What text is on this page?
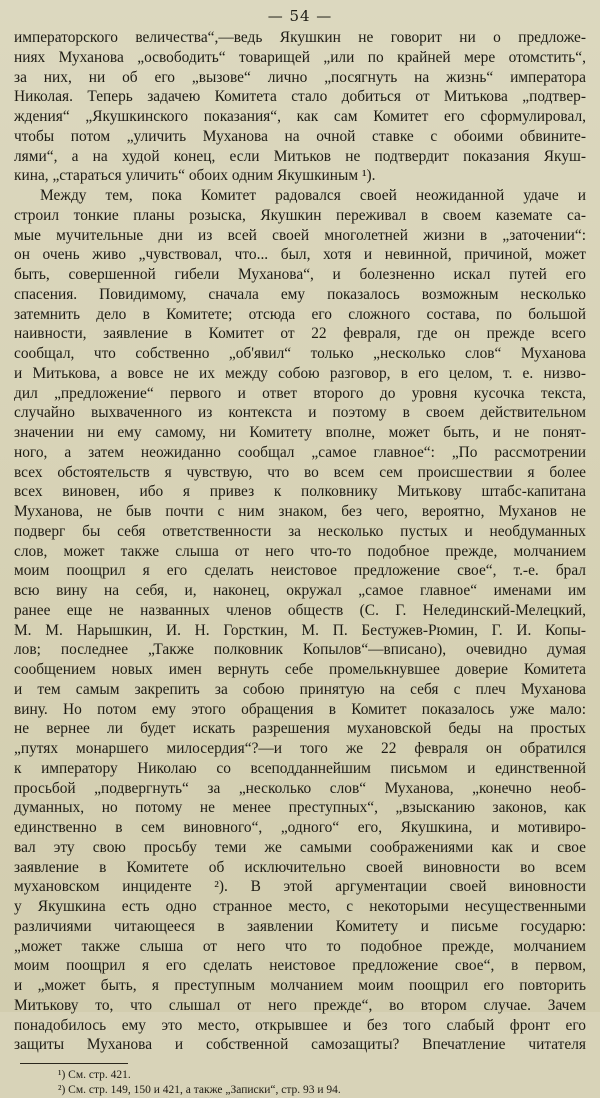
— 54 —

императорского величества“,—ведь Якушкин не говорит ни о предложе-

ниях Муханова „освободить“ товарищей „или по крайней мере отомстить“,

за них, ни об его „вызове“ лично „посягнуть на жизнь“ императора

Николая. Теперь задачею Комитета стало добиться от Митькова „подтвер-

ждения“ „Якушкинского показания“, как сам Комитет его сформулировал,

чтобы потом „уличить Муханова на очной ставке с обоими обвините-

лями“, а на худой конец, если Митьков не подтвердит показания Якуш-

кина, „стараться уличить“ обоих одним Якушкиным ¹).

Между тем, пока Комитет радовался своей неожиданной удаче и

строил тонкие планы розыска, Якушкин переживал в своем каземате са-

мые мучительные дни из всей своей многолетней жизни в „заточении“:

он очень живо „чувствовал, что... был, хотя и невинной, причиной, может

быть, совершенной гибели Муханова“, и болезненно искал путей его

спасения. Повидимому, сначала ему показалось возможным несколько

затемнить дело в Комитете; отсюда его сложного состава, по большой

наивности, заявление в Комитет от 22 февраля, где он прежде всего

сообщал, что собственно „об'явил“ только „несколько слов“ Муханова

и Митькова, а вовсе не их между собою разговор, в его целом, т. е. низво-

дил „предложение“ первого и ответ второго до уровня кусочка текста,

случайно выхваченного из контекста и поэтому в своем действительном

значении ни ему самому, ни Комитету вполне, может быть, и не понят-

ного, а затем неожиданно сообщал „самое главное“: „По рассмотрении

всех обстоятельств я чувствую, что во всем сем происшествии я более

всех виновен, ибо я привез к полковнику Митькову штабс-капитана

Муханова, не быв почти с ним знаком, без чего, вероятно, Муханов не

подверг бы себя ответственности за несколько пустых и необдуманных

слов, может также слыша от него что-то подобное прежде, молчанием

моим поощрил я его сделать неистовое предложение свое“, т.-е. брал

всю вину на себя, и, наконец, окружал „самое главное“ именами им

ранее еще не названных членов обществ (С. Г. Нелединский-Мелецкий,

М. М. Нарышкин, И. Н. Горсткин, М. П. Бестужев-Рюмин, Г. И. Копы-

лов; последнее „Также полковник Копылов“—вписано), очевидно думая

сообщением новых имен вернуть себе промелькнувшее доверие Комитета

и тем самым закрепить за собою принятую на себя с плеч Муханова

вину. Но потом ему этого обращения в Комитет показалось уже мало:

не вернее ли будет искать разрешения мухановской беды на простых

„путях монаршего милосердия“?—и того же 22 февраля он обратился

к императору Николаю со всеподданнейшим письмом и единственной

просьбой „подвергнуть“ за „несколько слов“ Муханова, „конечно необ-

думанных, но потому не менее преступных“, „взысканию законов, как

единственно в сем виновного“, „одного“ его, Якушкина, и мотивиро-

вал эту свою просьбу теми же самыми соображениями как и свое

заявление в Комитете об исключительно своей виновности во всем

мухановском инциденте ²). В этой аргументации своей виновности

у Якушкина есть одно странное место, с некоторыми несущественными

различиями читающееся в заявлении Комитету и письме государю:

„может также слыша от него что то подобное прежде, молчанием

моим поощрил я его сделать неистовое предложение свое“, в первом,

и „может быть, я преступным молчанием моим поощрил его повторить

Митькову то, что слышал от него прежде“, во втором случае. Зачем

понадобилось ему это место, открывшее и без того слабый фронт его

защиты Муханова и собственной самозащиты? Впечатление читателя

¹) См. стр. 421.

²) См. стр. 149, 150 и 421, а также „Записки“, стр. 93 и 94.
